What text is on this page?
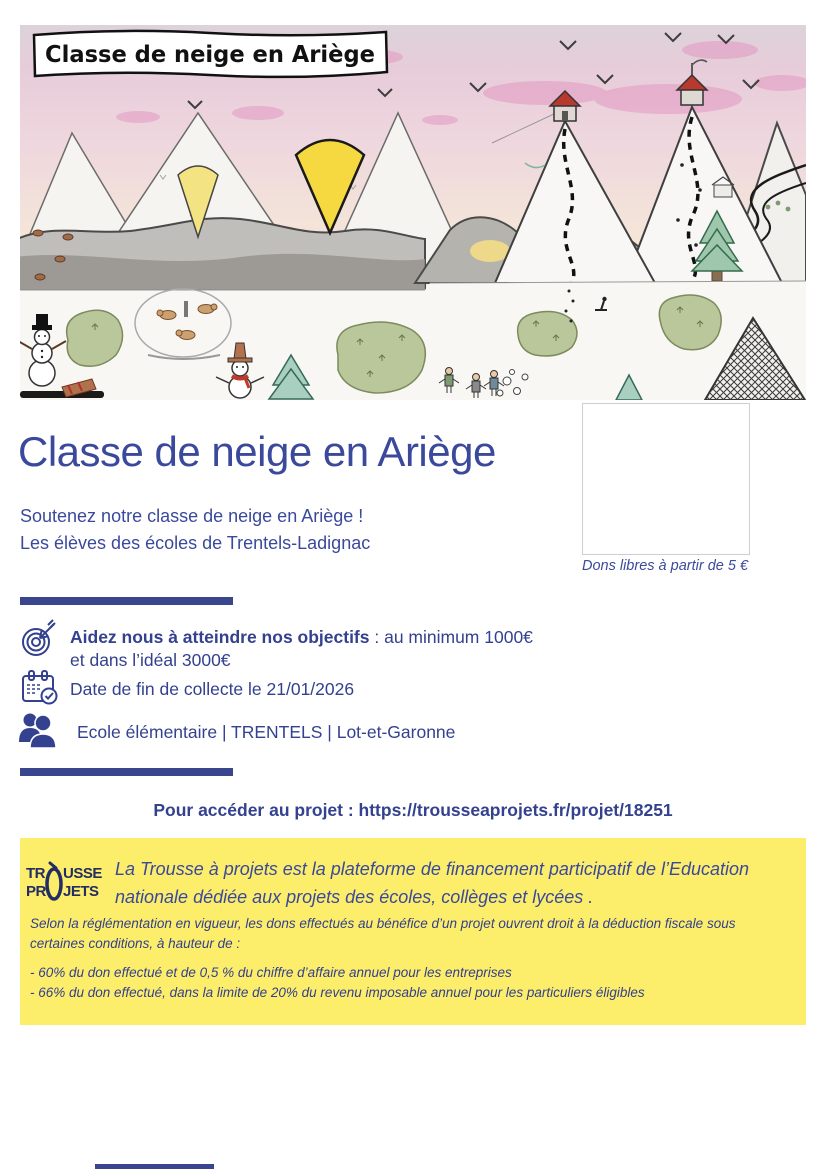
Classe de neige en Ariège
Classe de neige en Ariège
Soutenez notre classe de neige en Ariège !
Les élèves des écoles de Trentels-Ladignac
Dons libres à partir de 5 €
Aidez nous à atteindre nos objectifs : au minimum 1000€
et dans l’idéal 3000€
Date de fin de collecte le 21/01/2026
Ecole élémentaire | TRENTELS | Lot-et-Garonne
Pour accéder au projet : https://trousseaprojets.fr/projet/18251
TR USSE
PR JETS
La Trousse à projets est la plateforme de financement participatif de l’Education nationale dédiée aux projets des écoles, collèges et lycées .
Selon la réglémentation en vigueur, les dons effectués au bénéfice d’un projet ouvrent droit à la déduction fiscale sous certaines conditions, à hauteur de :
- 60% du don effectué et de 0,5 % du chiffre d’affaire annuel pour les entreprises
- 66% du don effectué, dans la limite de 20% du revenu imposable annuel pour les particuliers éligibles
